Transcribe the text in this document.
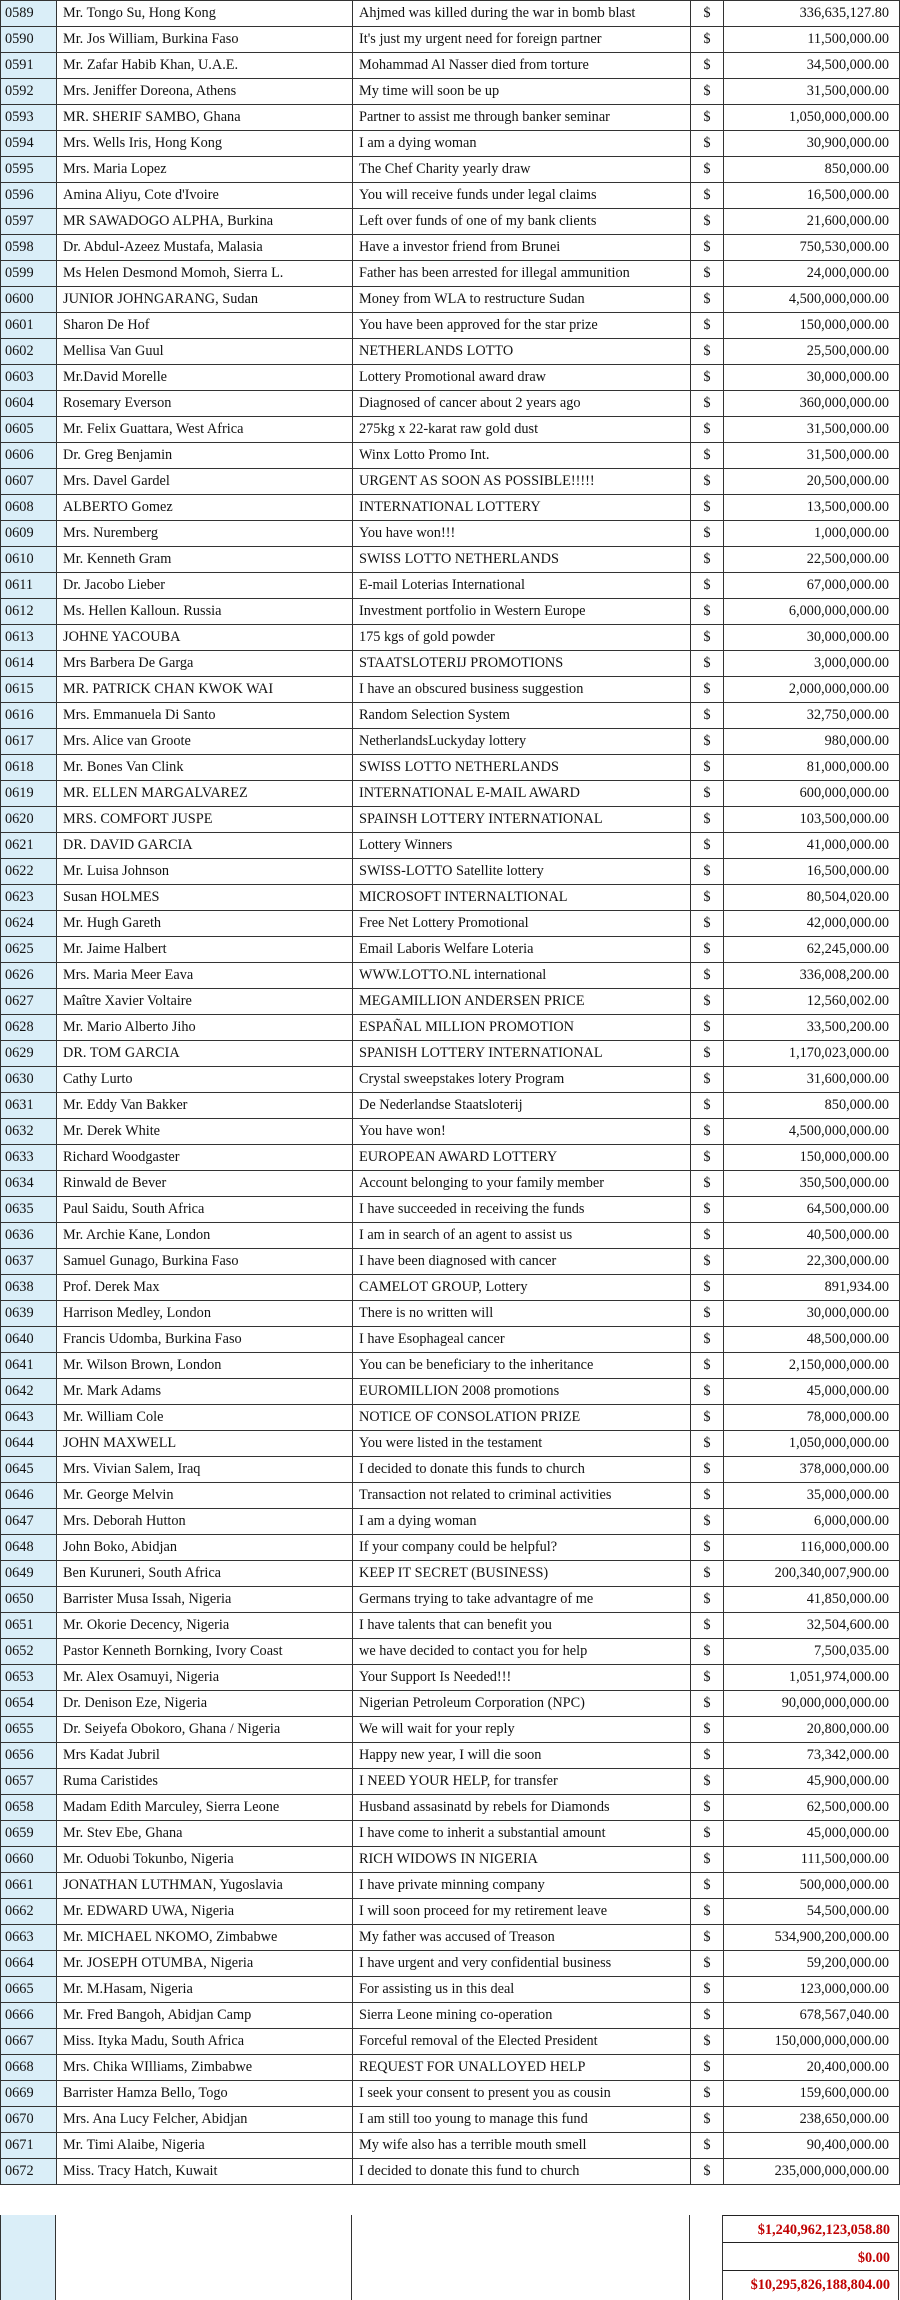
0589	Mr. Tongo Su, Hong Kong	Ahjmed was killed during the war in bomb blast	$	336,635,127.80
0590	Mr. Jos William, Burkina Faso	It's just my urgent need for foreign partner	$	11,500,000.00
0591	Mr. Zafar Habib Khan, U.A.E.	Mohammad Al Nasser died from torture	$	34,500,000.00
0592	Mrs. Jeniffer Doreona, Athens	My time will soon be up	$	31,500,000.00
0593	MR. SHERIF SAMBO, Ghana	Partner to assist me through banker seminar	$	1,050,000,000.00
0594	Mrs. Wells Iris, Hong Kong	I am a dying woman	$	30,900,000.00
0595	Mrs. Maria Lopez	The Chef Charity yearly draw	$	850,000.00
0596	Amina Aliyu, Cote d'Ivoire	You will receive funds under legal claims	$	16,500,000.00
0597	MR SAWADOGO ALPHA, Burkina	Left over funds of one of my bank clients	$	21,600,000.00
0598	Dr. Abdul-Azeez Mustafa, Malasia	Have a investor friend from Brunei	$	750,530,000.00
0599	Ms Helen Desmond Momoh, Sierra L.	Father has been arrested for illegal ammunition	$	24,000,000.00
0600	JUNIOR JOHNGARANG, Sudan	Money from WLA to restructure Sudan	$	4,500,000,000.00
0601	Sharon De Hof	You have been approved for the star prize	$	150,000,000.00
0602	Mellisa Van Guul	NETHERLANDS LOTTO	$	25,500,000.00
0603	Mr.David Morelle	Lottery Promotional award draw	$	30,000,000.00
0604	Rosemary Everson	Diagnosed of cancer about 2 years ago	$	360,000,000.00
0605	Mr. Felix Guattara, West Africa	275kg x 22-karat raw gold dust	$	31,500,000.00
0606	Dr. Greg Benjamin	Winx Lotto Promo Int.	$	31,500,000.00
0607	Mrs. Davel Gardel	URGENT AS SOON AS POSSIBLE!!!!!	$	20,500,000.00
0608	ALBERTO Gomez	INTERNATIONAL LOTTERY	$	13,500,000.00
0609	Mrs. Nuremberg	You have won!!!	$	1,000,000.00
0610	Mr. Kenneth Gram	SWISS LOTTO NETHERLANDS	$	22,500,000.00
0611	Dr. Jacobo Lieber	E-mail Loterias International	$	67,000,000.00
0612	Ms. Hellen Kalloun. Russia	Investment portfolio in Western Europe	$	6,000,000,000.00
0613	JOHNE YACOUBA	175 kgs of gold powder	$	30,000,000.00
0614	Mrs Barbera De Garga	STAATSLOTERIJ PROMOTIONS	$	3,000,000.00
0615	MR. PATRICK CHAN KWOK WAI	I have an obscured business suggestion	$	2,000,000,000.00
0616	Mrs. Emmanuela Di Santo	Random Selection System	$	32,750,000.00
0617	Mrs. Alice van Groote	NetherlandsLuckyday lottery	$	980,000.00
0618	Mr. Bones Van Clink	SWISS LOTTO NETHERLANDS	$	81,000,000.00
0619	MR. ELLEN MARGALVAREZ	INTERNATIONAL E-MAIL AWARD	$	600,000,000.00
0620	MRS. COMFORT JUSPE	SPAINSH LOTTERY INTERNATIONAL	$	103,500,000.00
0621	DR. DAVID GARCIA	Lottery Winners	$	41,000,000.00
0622	Mr. Luisa Johnson	SWISS-LOTTO Satellite lottery	$	16,500,000.00
0623	Susan HOLMES	MICROSOFT INTERNALTIONAL	$	80,504,020.00
0624	Mr. Hugh Gareth	Free Net Lottery Promotional	$	42,000,000.00
0625	Mr. Jaime Halbert	Email Laboris Welfare Loteria	$	62,245,000.00
0626	Mrs. Maria Meer Eava	WWW.LOTTO.NL international	$	336,008,200.00
0627	Maître Xavier Voltaire	MEGAMILLION ANDERSEN PRICE	$	12,560,002.00
0628	Mr. Mario Alberto Jiho	ESPAÑAL MILLION PROMOTION	$	33,500,200.00
0629	DR. TOM GARCIA	SPANISH LOTTERY INTERNATIONAL	$	1,170,023,000.00
0630	Cathy Lurto	Crystal sweepstakes lotery Program	$	31,600,000.00
0631	Mr. Eddy Van Bakker	De Nederlandse Staatsloterij	$	850,000.00
0632	Mr. Derek White	You have won!	$	4,500,000,000.00
0633	Richard Woodgaster	EUROPEAN AWARD LOTTERY	$	150,000,000.00
0634	Rinwald de Bever	Account belonging to your family member	$	350,500,000.00
0635	Paul Saidu, South Africa	I have succeeded in receiving the funds	$	64,500,000.00
0636	Mr. Archie Kane, London	I am in search of an agent to assist us	$	40,500,000.00
0637	Samuel Gunago, Burkina Faso	I have been diagnosed with cancer	$	22,300,000.00
0638	Prof. Derek Max	CAMELOT GROUP, Lottery	$	891,934.00
0639	Harrison Medley, London	There is no written will	$	30,000,000.00
0640	Francis Udomba, Burkina Faso	I have Esophageal cancer	$	48,500,000.00
0641	Mr. Wilson Brown, London	You can be beneficiary to the inheritance	$	2,150,000,000.00
0642	Mr. Mark Adams	EUROMILLION 2008 promotions	$	45,000,000.00
0643	Mr. William Cole	NOTICE OF CONSOLATION PRIZE	$	78,000,000.00
0644	JOHN MAXWELL	You were listed in the testament	$	1,050,000,000.00
0645	Mrs. Vivian Salem, Iraq	I decided to donate this funds to church	$	378,000,000.00
0646	Mr. George Melvin	Transaction not related to criminal activities	$	35,000,000.00
0647	Mrs. Deborah Hutton	I am a dying woman	$	6,000,000.00
0648	John Boko, Abidjan	If your company could be helpful?	$	116,000,000.00
0649	Ben Kuruneri, South Africa	KEEP IT SECRET (BUSINESS)	$	200,340,007,900.00
0650	Barrister Musa Issah, Nigeria	Germans trying to take advantagre of me	$	41,850,000.00
0651	Mr. Okorie Decency, Nigeria	I have talents that can benefit you	$	32,504,600.00
0652	Pastor Kenneth Bornking, Ivory Coast	we have decided to contact you for help	$	7,500,035.00
0653	Mr. Alex Osamuyi, Nigeria	Your Support Is Needed!!!	$	1,051,974,000.00
0654	Dr. Denison Eze, Nigeria	Nigerian Petroleum Corporation (NPC)	$	90,000,000,000.00
0655	Dr. Seiyefa Obokoro, Ghana / Nigeria	We will wait for your reply	$	20,800,000.00
0656	Mrs Kadat Jubril	Happy new year, I will die soon	$	73,342,000.00
0657	Ruma Caristides	I NEED YOUR HELP, for transfer	$	45,900,000.00
0658	Madam Edith Marculey, Sierra Leone	Husband assasinatd by rebels for Diamonds	$	62,500,000.00
0659	Mr. Stev Ebe, Ghana	I have come to inherit a substantial amount	$	45,000,000.00
0660	Mr. Oduobi Tokunbo, Nigeria	RICH WIDOWS IN NIGERIA	$	111,500,000.00
0661	JONATHAN LUTHMAN, Yugoslavia	I have private minning company	$	500,000,000.00
0662	Mr. EDWARD UWA, Nigeria	I will soon proceed for my retirement leave	$	54,500,000.00
0663	Mr. MICHAEL NKOMO, Zimbabwe	My father was accused of Treason	$	534,900,200,000.00
0664	Mr. JOSEPH OTUMBA, Nigeria	I have urgent and very confidential business	$	59,200,000.00
0665	Mr. M.Hasam, Nigeria	For assisting us in this deal	$	123,000,000.00
0666	Mr. Fred Bangoh, Abidjan Camp	Sierra Leone mining co-operation	$	678,567,040.00
0667	Miss. Ityka Madu, South Africa	Forceful removal of the Elected President	$	150,000,000,000.00
0668	Mrs. Chika WIlliams, Zimbabwe	REQUEST FOR UNALLOYED HELP	$	20,400,000.00
0669	Barrister Hamza Bello, Togo	I seek your consent to present you as cousin	$	159,600,000.00
0670	Mrs. Ana Lucy Felcher, Abidjan	I am still too young to manage this fund	$	238,650,000.00
0671	Mr. Timi Alaibe, Nigeria	My wife also has a terrible mouth smell	$	90,400,000.00
0672	Miss. Tracy Hatch, Kuwait	I decided to donate this fund to church	$	235,000,000,000.00
$1,240,962,123,058.80
$0.00
$10,295,826,188,804.00
